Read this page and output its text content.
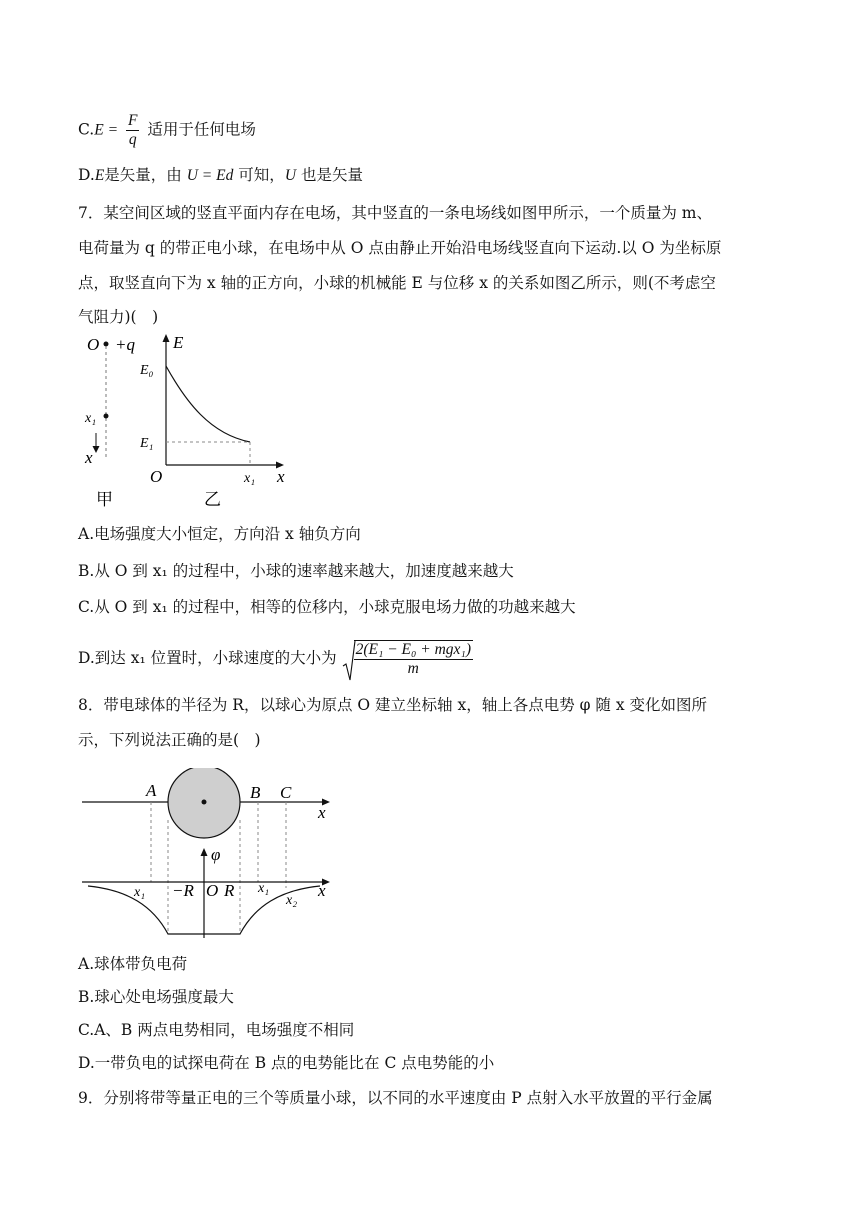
$C.E = \frac{F}{q}$ 适用于任何电场
D.E是矢量，由 U = Ed 可知，U 也是矢量
7．某空间区域的竖直平面内存在电场，其中竖直的一条电场线如图甲所示，一个质量为 m、
电荷量为 q 的带正电小球，在电场中从 O 点由静止开始沿电场线竖直向下运动.以 O 为坐标原
点，取竖直向下为 x 轴的正方向，小球的机械能 E 与位移 x 的关系如图乙所示，则(不考虑空
气阻力)(　)
O +q
x₁
x
甲
E
E₀
E₁
O	x₁ x
乙
A.电场强度大小恒定，方向沿 x 轴负方向
B.从 O 到 x₁ 的过程中，小球的速率越来越大，加速度越来越大
C.从 O 到 x₁ 的过程中，相等的位移内，小球克服电场力做的功越来越大
D.到达 x₁ 位置时，小球速度的大小为 $\frac{\text{2(E₁ − E₀ + mgx₁)}}{m}$
8．带电球体的半径为 R，以球心为原点 O 建立坐标轴 x，轴上各点电势 φ 随 x 变化如图所
示，下列说法正确的是(　)
A	B C
x
φ
x₁ −R O R x₁
x₂
x
A.球体带负电荷
B.球心处电场强度最大
C.A、B 两点电势相同，电场强度不相同
D.一带负电的试探电荷在 B 点的电势能比在 C 点电势能的小
9．分别将带等量正电的三个等质量小球，以不同的水平速度由 P 点射入水平放置的平行金属
